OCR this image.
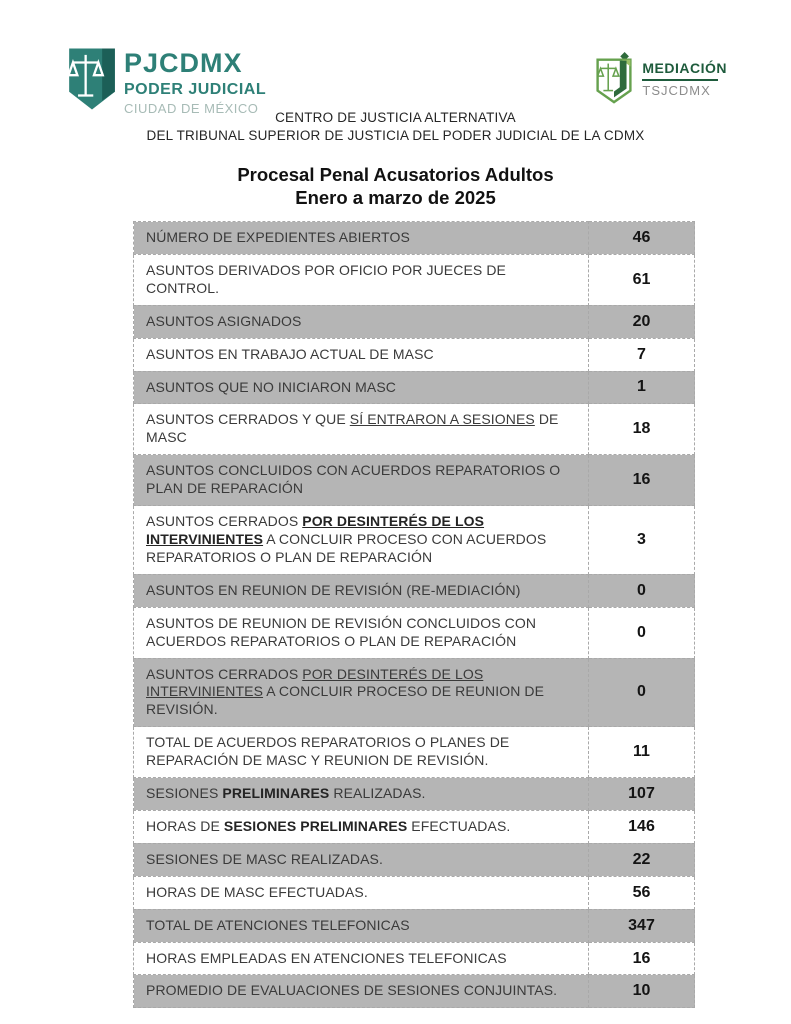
PJCDMX
PODER JUDICIAL
CIUDAD DE MÉXICO
MEDIACIÓN
TSJCDMX
CENTRO DE JUSTICIA ALTERNATIVA
DEL TRIBUNAL SUPERIOR DE JUSTICIA DEL PODER JUDICIAL DE LA CDMX
Procesal Penal Acusatorios Adultos
Enero a marzo de 2025
NÚMERO DE EXPEDIENTES ABIERTOS	46
ASUNTOS DERIVADOS POR OFICIO POR JUECES DE CONTROL.	61
ASUNTOS ASIGNADOS	20
ASUNTOS EN TRABAJO ACTUAL DE MASC	7
ASUNTOS QUE NO INICIARON MASC	1
ASUNTOS CERRADOS Y QUE SÍ ENTRARON A SESIONES DE MASC	18
ASUNTOS CONCLUIDOS CON ACUERDOS REPARATORIOS O PLAN DE REPARACIÓN	16
ASUNTOS CERRADOS POR DESINTERÉS DE LOS INTERVINIENTES A CONCLUIR PROCESO CON ACUERDOS REPARATORIOS O PLAN DE REPARACIÓN	3
ASUNTOS EN REUNION DE REVISIÓN (RE-MEDIACIÓN)	0
ASUNTOS DE REUNION DE REVISIÓN CONCLUIDOS CON ACUERDOS REPARATORIOS O PLAN DE REPARACIÓN	0
ASUNTOS CERRADOS POR DESINTERÉS DE LOS INTERVINIENTES A CONCLUIR PROCESO DE REUNION DE REVISIÓN.	0
TOTAL DE ACUERDOS REPARATORIOS O PLANES DE REPARACIÓN DE MASC Y REUNION DE REVISIÓN.	11
SESIONES PRELIMINARES REALIZADAS.	107
HORAS DE SESIONES PRELIMINARES EFECTUADAS.	146
SESIONES DE MASC REALIZADAS.	22
HORAS DE MASC EFECTUADAS.	56
TOTAL DE ATENCIONES TELEFONICAS	347
HORAS EMPLEADAS EN ATENCIONES TELEFONICAS	16
PROMEDIO DE EVALUACIONES DE SESIONES CONJUINTAS.	10
